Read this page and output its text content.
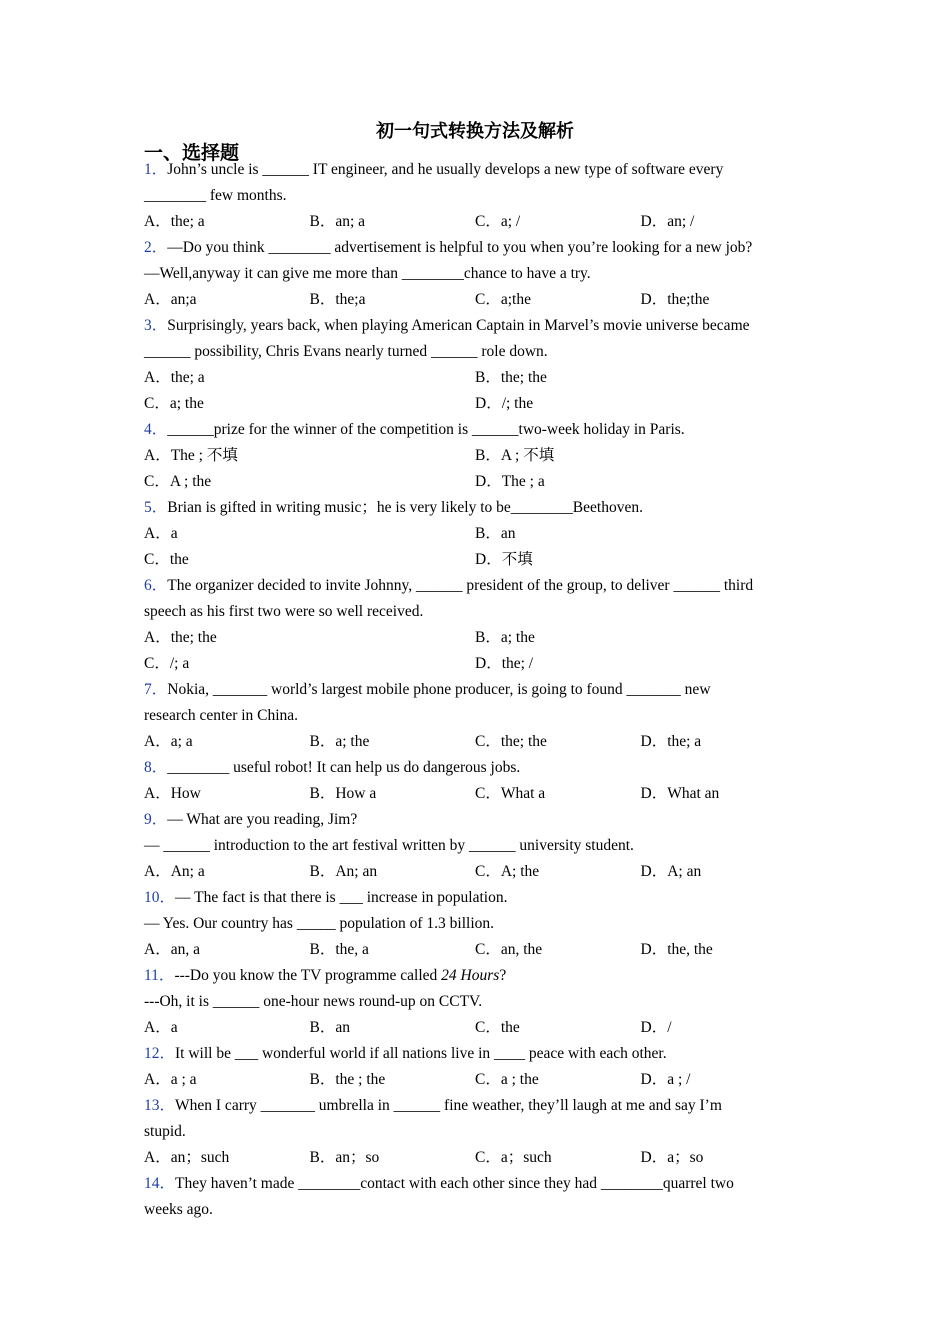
初一句式转换方法及解析
一、选择题
1．John’s uncle is ______ IT engineer, and he usually develops a new type of software every
________ few months.
A．the; a	B．an; a	C．a; /	D．an; /
2．—Do you think ________ advertisement is helpful to you when you’re looking for a new job?
—Well,anyway it can give me more than ________chance to have a try.
A．an;a	B．the;a	C．a;the	D．the;the
3．Surprisingly, years back, when playing American Captain in Marvel’s movie universe became
______ possibility, Chris Evans nearly turned ______ role down.
A．the; a	B．the; the
C．a; the	D．/; the
4．______prize for the winner of the competition is ______two-week holiday in Paris.
A．The ; 不填	B．A ; 不填
C．A ; the	D．The ; a
5．Brian is gifted in writing music；he is very likely to be________Beethoven.
A．a	B．an
C．the	D．不填
6．The organizer decided to invite Johnny, ______ president of the group, to deliver ______ third
speech as his first two were so well received.
A．the; the	B．a; the
C．/; a	D．the; /
7．Nokia, _______ world’s largest mobile phone producer, is going to found _______ new
research center in China.
A．a; a	B．a; the	C．the; the	D．the; a
8．________ useful robot! It can help us do dangerous jobs.
A．How	B．How a	C．What a	D．What an
9．— What are you reading, Jim?
— ______ introduction to the art festival written by ______ university student.
A．An; a	B．An; an	C．A; the	D．A; an
10．— The fact is that there is ___ increase in population.
— Yes. Our country has _____ population of 1.3 billion.
A．an, a	B．the, a	C．an, the	D．the, the
11．---Do you know the TV programme called 24 Hours?
---Oh, it is ______ one-hour news round-up on CCTV.
A．a	B．an	C．the	D．/
12．It will be ___ wonderful world if all nations live in ____ peace with each other.
A．a ; a	B．the ; the	C．a ; the	D．a ; /
13．When I carry _______ umbrella in ______ fine weather, they’ll laugh at me and say I’m
stupid.
A．an；such	B．an；so	C．a；such	D．a；so
14．They haven’t made ________contact with each other since they had ________quarrel two
weeks ago.
